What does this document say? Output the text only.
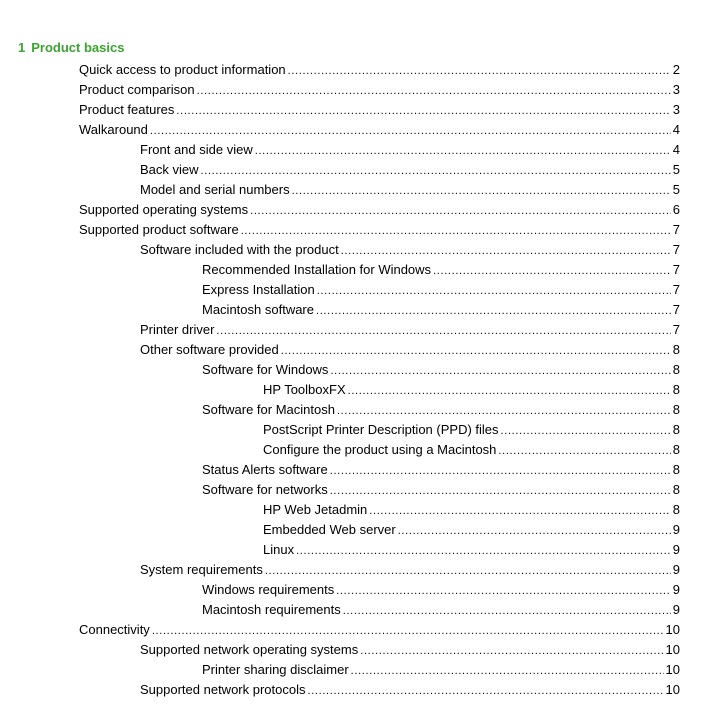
1 Product basics
Quick access to product information . . .	2
Product comparison . . .	3
Product features . . .	3
Walkaround . . .	4
Front and side view . . .	4
Back view . . .	5
Model and serial numbers . . .	5
Supported operating systems . . .	6
Supported product software . . .	7
Software included with the product . . .	7
Recommended Installation for Windows . . .	7
Express Installation . . .	7
Macintosh software . . .	7
Printer driver . . .	7
Other software provided . . .	8
Software for Windows . . .	8
HP ToolboxFX . . .	8
Software for Macintosh . . .	8
PostScript Printer Description (PPD) files . . .	8
Configure the product using a Macintosh . . .	8
Status Alerts software . . .	8
Software for networks . . .	8
HP Web Jetadmin . . .	8
Embedded Web server . . .	9
Linux . . .	9
System requirements . . .	9
Windows requirements . . .	9
Macintosh requirements . . .	9
Connectivity . . .	10
Supported network operating systems . . .	10
Printer sharing disclaimer . . .	10
Supported network protocols . . .	10
